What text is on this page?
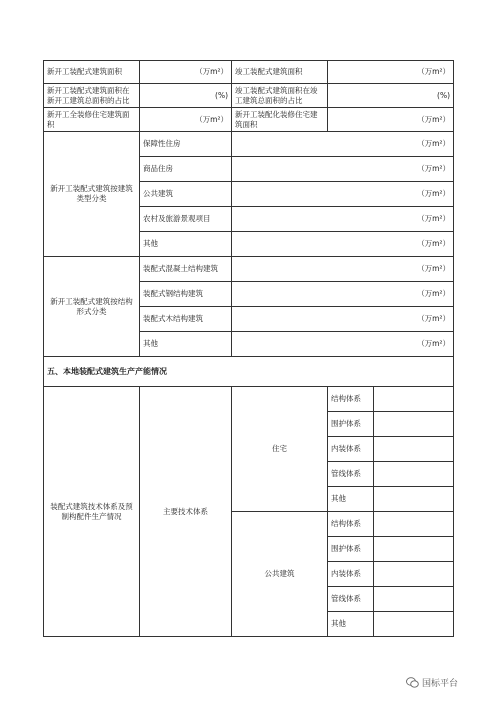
新开工装配式建筑面积	（万m²）	竣工装配式建筑面积	（万m²）	
新开工装配式建筑面积在新开工建筑总面积的占比	(%)	竣工装配式建筑面积在竣工建筑总面积的占比	(%)	
新开工全装修住宅建筑面积	（万m²）	新开工装配化装修住宅建筑面积	（万m²）	
新开工装配式建筑按建筑类型分类	保障性住房	（万m²）		
	商品住房	（万m²）		
	公共建筑	（万m²）		
	农村及旅游景观项目	（万m²）		
	其他	（万m²）		
新开工装配式建筑按结构形式分类	装配式混凝土结构建筑	（万m²）		
	装配式钢结构建筑	（万m²）		
	装配式木结构建筑	（万m²）		
	其他	（万m²）		
五、本地装配式建筑生产产能情况				
装配式建筑技术体系及预制构配件生产情况	主要技术体系	住宅	结构体系	
			围护体系	
			内装体系	
			管线体系	
			其他	
		公共建筑	结构体系	
			围护体系	
			内装体系	
			管线体系	
			其他	
国标平台
